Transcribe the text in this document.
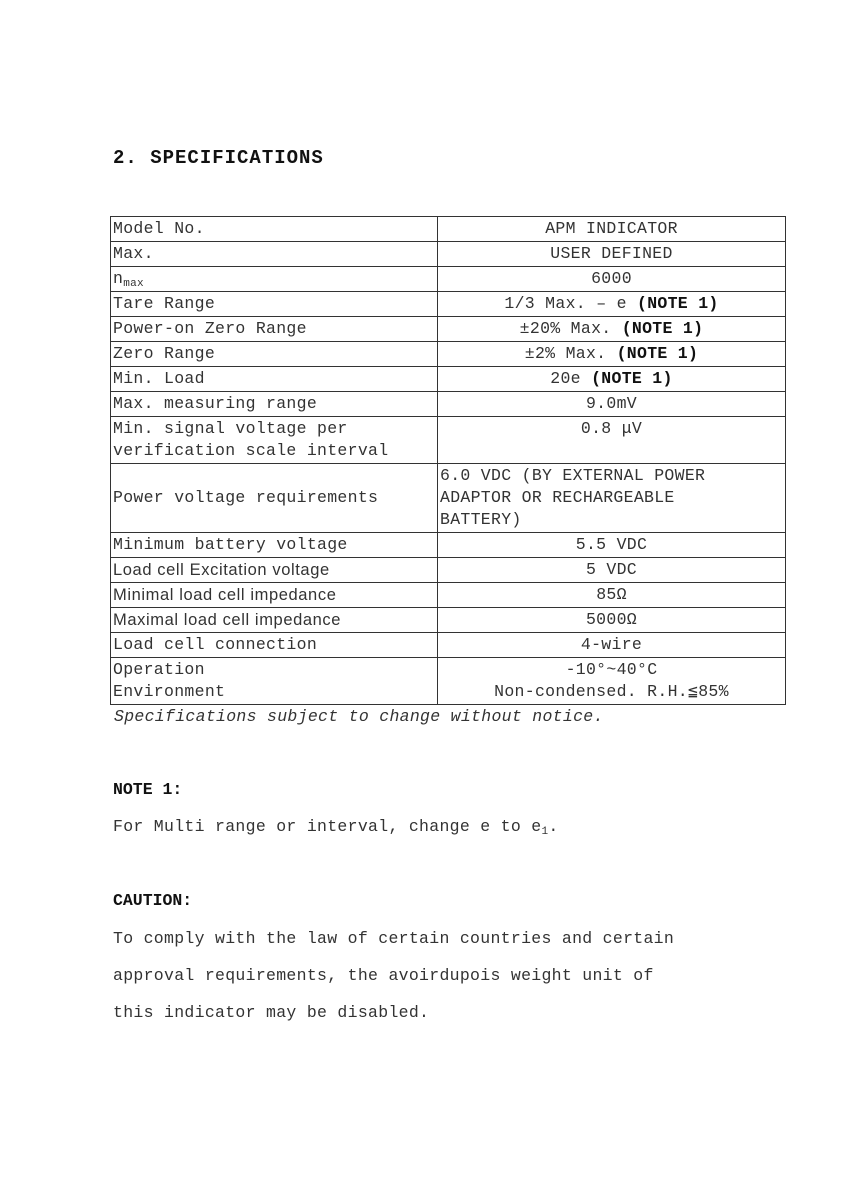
2. SPECIFICATIONS
Model No.	APM INDICATOR
Max.	USER DEFINED
$n_{max}$	6000
Tare Range	1/3 Max. – e (NOTE 1)
Power-on Zero Range	±20% Max. (NOTE 1)
Zero Range	±2% Max. (NOTE 1)
Min. Load	20e (NOTE 1)
Max. measuring range	9.0mV
Min. signal voltage per
verification scale interval	0.8 μV
Power voltage requirements	6.0 VDC (BY EXTERNAL POWER
ADAPTOR OR RECHARGEABLE
BATTERY)
Minimum battery voltage	5.5 VDC
Load cell Excitation voltage	5 VDC
Minimal load cell impedance	85Ω
Maximal load cell impedance	5000Ω
Load cell connection	4-wire
Operation
Environment	-10°~40°C
Non-condensed. R.H.≦85%

Specifications subject to change without notice.

NOTE 1:

For Multi range or interval, change e to $e_1$.

CAUTION:

To comply with the law of certain countries and certain
approval requirements, the avoirdupois weight unit of
this indicator may be disabled.
